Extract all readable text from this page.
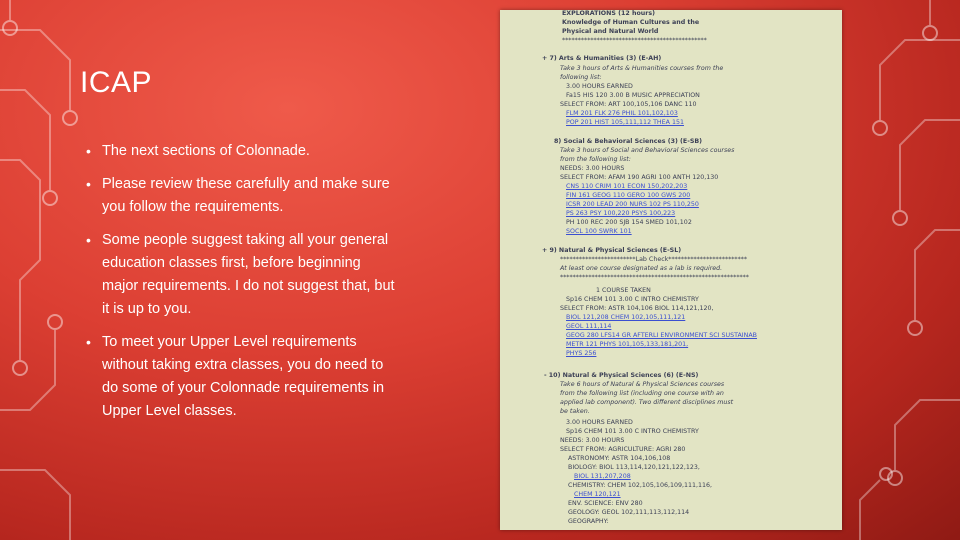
ICAP
• The next sections of Colonnade.
• Please review these carefully and make sure you follow the requirements.
• Some people suggest taking all your general education classes first, before beginning major requirements. I do not suggest that, but it is up to you.
• To meet your Upper Level requirements without taking extra classes, you do need to do some of your Colonnade requirements in Upper Level classes.
EXPLORATIONS (12 hours)
Knowledge of Human Cultures and the
Physical and Natural World
**********************************************
+ 7) Arts & Humanities (3) (E-AH)
Take 3 hours of Arts & Humanities courses from the
following list:
3.00 HOURS EARNED
Fa15 HIS 120 3.00 B MUSIC APPRECIATION
SELECT FROM: ART 100,105,106 DANC 110
FLM 201 FLK 276 PHIL 101,102,103
POP 201 HIST 105,111,112 THEA 151
8) Social & Behavioral Sciences (3) (E-SB)
Take 3 hours of Social and Behavioral Sciences courses
from the following list:
NEEDS: 3.00 HOURS
SELECT FROM: AFAM 190 AGRI 100 ANTH 120,130
CNS 110 CRIM 101 ECON 150,202,203
FIN 161 GEOG 110 GERO 100 GWS 200
ICSR 200 LEAD 200 NURS 102 PS 110,250
PS 263 PSY 100,220 PSYS 100,223
PH 100 REC 200 SJB 154 SMED 101,102
SOCL 100 SWRK 101
+ 9) Natural & Physical Sciences (E-SL)
************************Lab Check*************************
At least one course designated as a lab is required.
************************************************************
1 COURSE TAKEN
Sp16 CHEM 101 3.00 C INTRO CHEMISTRY
SELECT FROM: ASTR 104,106 BIOL 114,121,120,
BIOL 121,208 CHEM 102,105,111,121
GEOL 111,114
GEOG 280 LFS14 GR AFTERLI ENVIRONMENT SCI SUSTAINAB
METR 121 PHYS 101,105,133,181,201,
PHYS 256
- 10) Natural & Physical Sciences (6) (E-NS)
Take 6 hours of Natural & Physical Sciences courses
from the following list (including one course with an
applied lab component). Two different disciplines must
be taken.
3.00 HOURS EARNED
Sp16 CHEM 101 3.00 C INTRO CHEMISTRY
NEEDS: 3.00 HOURS
SELECT FROM: AGRICULTURE: AGRI 280
ASTRONOMY: ASTR 104,106,108
BIOLOGY: BIOL 113,114,120,121,122,123,
BIOL 131,207,208
CHEMISTRY: CHEM 102,105,106,109,111,116,
CHEM 120,121
ENV. SCIENCE: ENV 280
GEOLOGY: GEOL 102,111,113,112,114
GEOGRAPHY:
